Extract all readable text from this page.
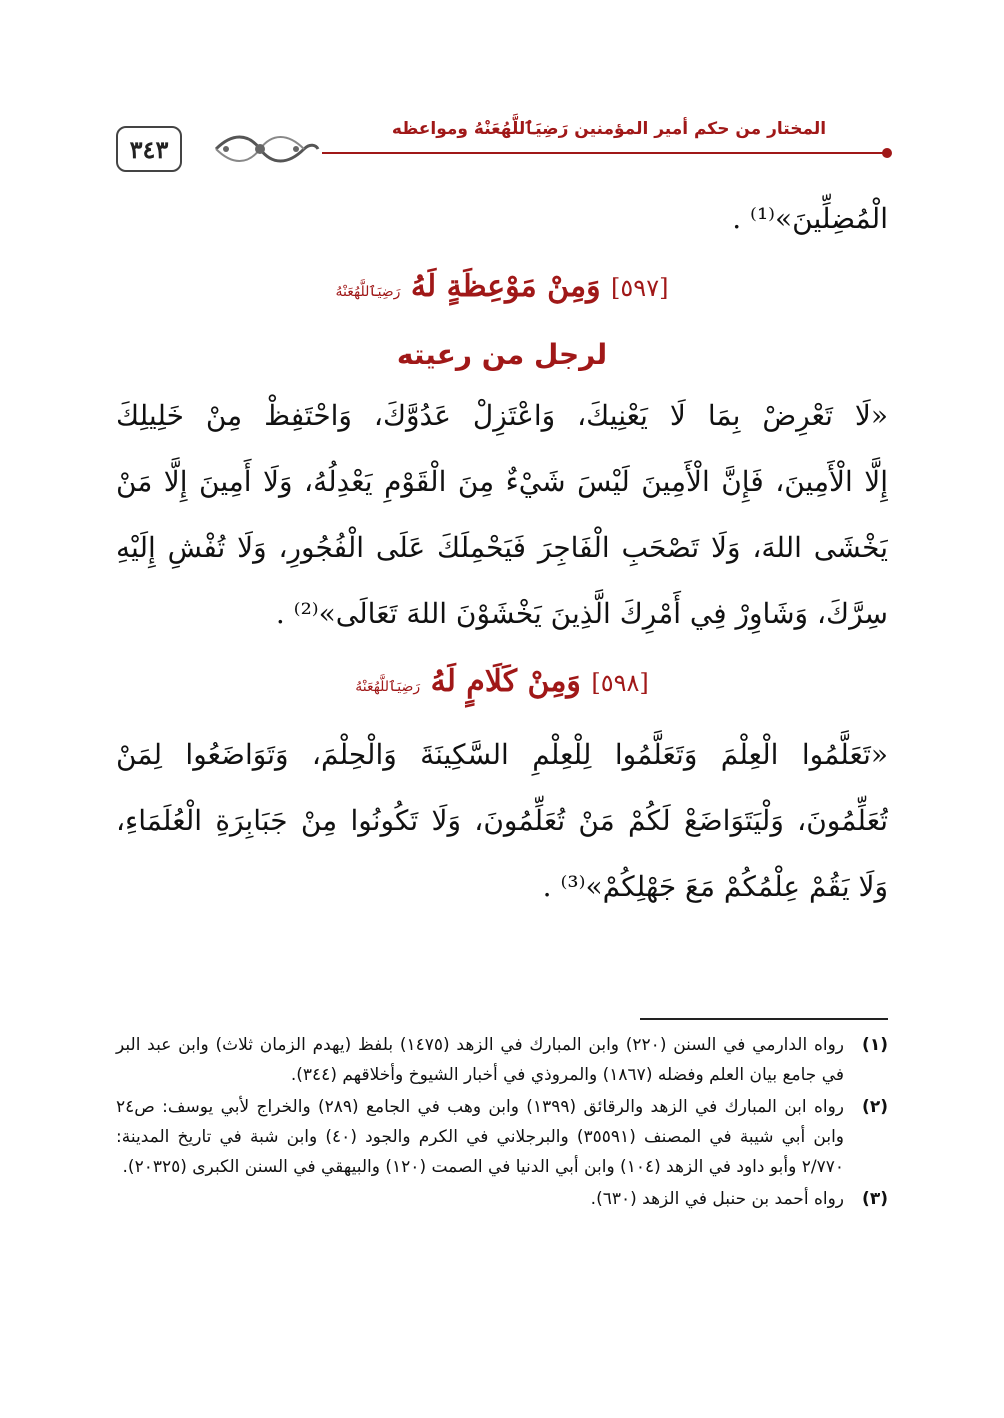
٣٤٣
المختار من حكم أمير المؤمنين رَضِيَٱللَّهُعَنْهُ ومواعظه
الْمُضِلِّينَ»⁽¹⁾ .
[٥٩٧] وَمِنْ مَوْعِظَةٍ لَهُ رَضِيَٱللَّهُعَنْهُ
لرجل من رعيته
«لَا تَعْرِضْ بِمَا لَا يَعْنِيكَ، وَاعْتَزِلْ عَدُوَّكَ، وَاحْتَفِظْ مِنْ خَلِيلِكَ
إِلَّا الْأَمِينَ، فَإِنَّ الْأَمِينَ لَيْسَ شَيْءٌ مِنَ الْقَوْمِ يَعْدِلُهُ، وَلَا أَمِينَ إِلَّا مَنْ
يَخْشَى اللهَ، وَلَا تَصْحَبِ الْفَاجِرَ فَيَحْمِلَكَ عَلَى الْفُجُورِ، وَلَا تُفْشِ إِلَيْهِ
سِرَّكَ، وَشَاوِرْ فِي أَمْرِكَ الَّذِينَ يَخْشَوْنَ اللهَ تَعَالَى»⁽²⁾ .
[٥٩٨] وَمِنْ كَلَامٍ لَهُ رَضِيَٱللَّهُعَنْهُ
«تَعَلَّمُوا الْعِلْمَ وَتَعَلَّمُوا لِلْعِلْمِ السَّكِينَةَ وَالْحِلْمَ، وَتَوَاضَعُوا لِمَنْ
تُعَلِّمُونَ، وَلْيَتَوَاضَعْ لَكُمْ مَنْ تُعَلِّمُونَ، وَلَا تَكُونُوا مِنْ جَبَابِرَةِ الْعُلَمَاءِ،
وَلَا يَقُمْ عِلْمُكُمْ مَعَ جَهْلِكُمْ»⁽³⁾ .
(١)
رواه الدارمي في السنن (٢٢٠) وابن المبارك في الزهد (١٤٧٥) بلفظ (يهدم الزمان ثلاث) وابن عبد البر في جامع بيان العلم وفضله (١٨٦٧) والمروذي في أخبار الشيوخ وأخلاقهم (٣٤٤).
(٢)
رواه ابن المبارك في الزهد والرقائق (١٣٩٩) وابن وهب في الجامع (٢٨٩) والخراج لأبي يوسف: ص٢٤ وابن أبي شيبة في المصنف (٣٥٥٩١) والبرجلاني في الكرم والجود (٤٠) وابن شبة في تاريخ المدينة: ٢/٧٧٠ وأبو داود في الزهد (١٠٤) وابن أبي الدنيا في الصمت (١٢٠) والبيهقي في السنن الكبرى (٢٠٣٢٥).
(٣)
رواه أحمد بن حنبل في الزهد (٦٣٠).
